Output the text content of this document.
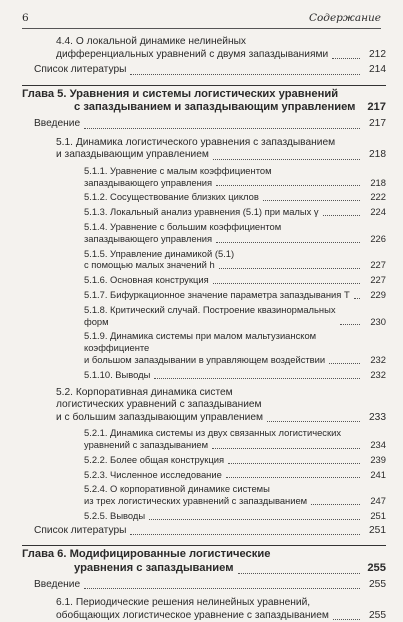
6	Содержание
4.4. О локальной динамике нелинейных
дифференциальных уравнений с двумя запаздываниями	212
Список литературы	214
Глава 5. Уравнения и системы логистических уравнений
с запаздыванием и запаздывающим управлением 217
Введение	217
5.1. Динамика логистического уравнения с запаздыванием
и запаздывающим управлением	218
5.1.1. Уравнение с малым коэффициентом
запаздывающего управления	218
5.1.2. Сосуществование близких циклов	222
5.1.3. Локальный анализ уравнения (5.1) при малых γ	224
5.1.4. Уравнение с большим коэффициентом
запаздывающего управления	226
5.1.5. Управление динамикой (5.1)
с помощью малых значений h	227
5.1.6. Основная конструкция	227
5.1.7. Бифуркационное значение параметра запаздывания T	229
5.1.8. Критический случай. Построение квазинормальных форм	230
5.1.9. Динамика системы при малом мальтузианском коэффициенте
и большом запаздывании в управляющем воздействии	232
5.1.10. Выводы	232
5.2. Корпоративная динамика систем
логистических уравнений с запаздыванием
и с большим запаздывающим управлением	233
5.2.1. Динамика системы из двух связанных логистических
уравнений с запаздыванием	234
5.2.2. Более общая конструкция	239
5.2.3. Численное исследование	241
5.2.4. О корпоративной динамике системы
из трех логистических уравнений с запаздыванием	247
5.2.5. Выводы	251
Список литературы	251
Глава 6. Модифицированные логистические
уравнения с запаздыванием	255
Введение	255
6.1. Периодические решения нелинейных уравнений,
обобщающих логистическое уравнение с запаздыванием	255
